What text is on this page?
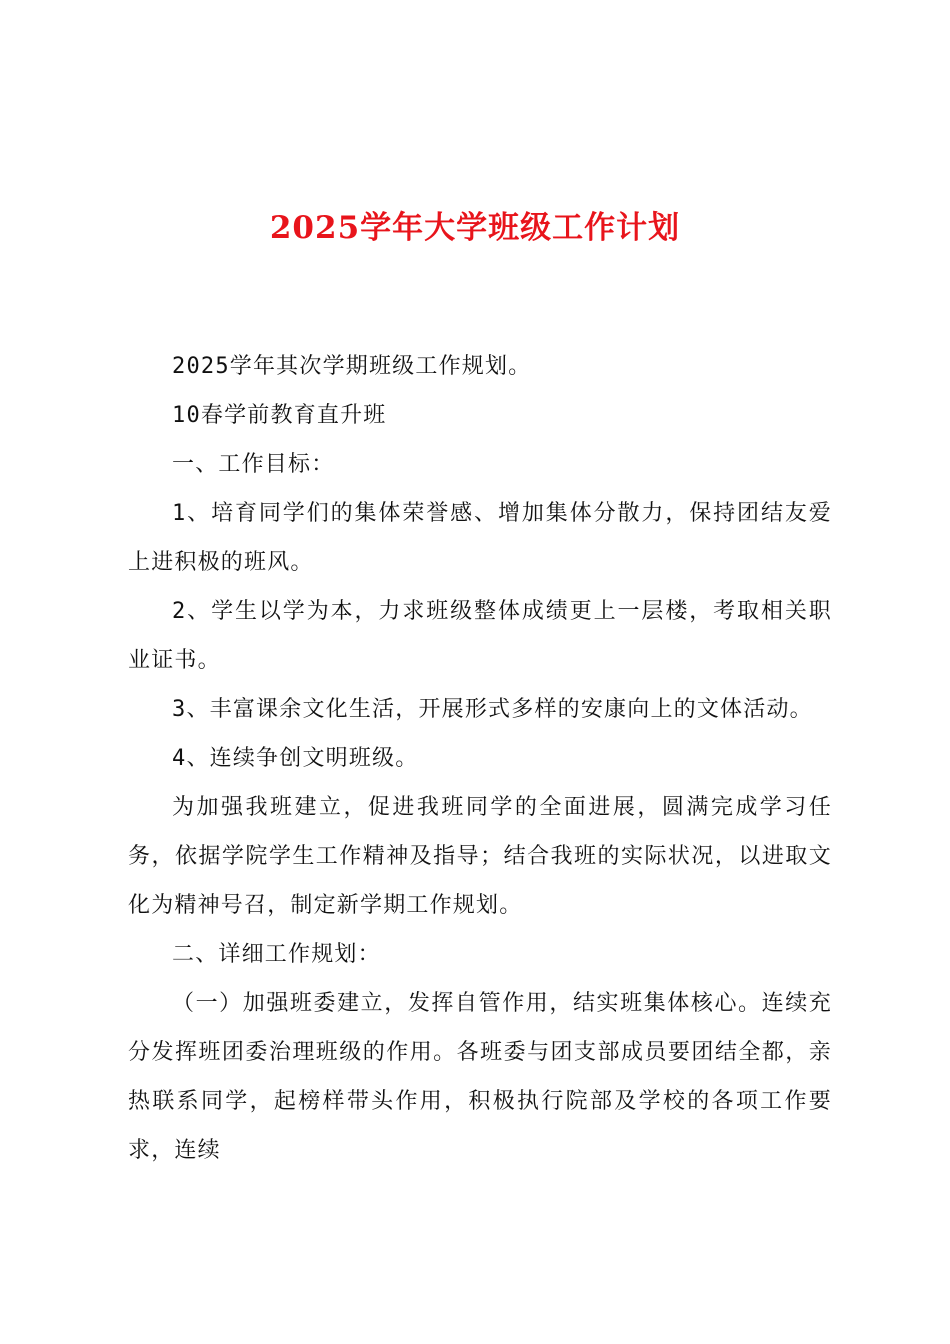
2025学年大学班级工作计划

2025学年其次学期班级工作规划。

10春学前教育直升班

一、工作目标：

1、培育同学们的集体荣誉感、增加集体分散力，保持团结友爱上进积极的班风。

2、学生以学为本，力求班级整体成绩更上一层楼，考取相关职业证书。

3、丰富课余文化生活，开展形式多样的安康向上的文体活动。

4、连续争创文明班级。

为加强我班建立，促进我班同学的全面进展，圆满完成学习任务，依据学院学生工作精神及指导；结合我班的实际状况，以进取文化为精神号召，制定新学期工作规划。

二、详细工作规划：

（一）加强班委建立，发挥自管作用，结实班集体核心。连续充分发挥班团委治理班级的作用。各班委与团支部成员要团结全都，亲热联系同学，起榜样带头作用，积极执行院部及学校的各项工作要求，连续
